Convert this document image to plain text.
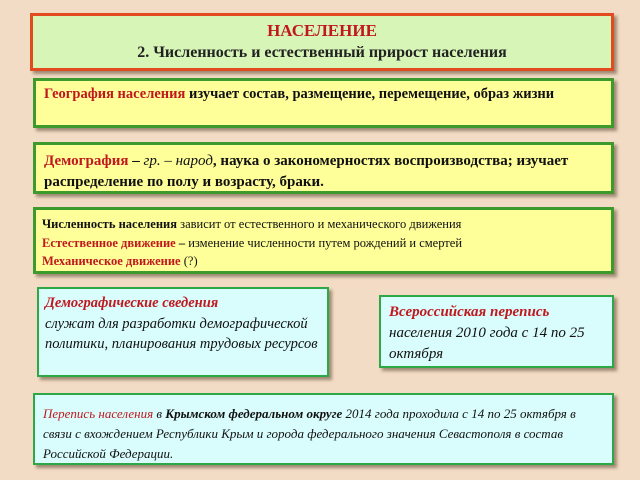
НАСЕЛЕНИЕ
2. Численность и естественный прирост населения
География населения изучает состав, размещение, перемещение, образ жизни
Демография – гр. – народ, наука о закономерностях воспроизводства; изучает распределение по полу и возрасту, браки.
Численность населения зависит от естественного и механического движения
Естественное движение – изменение численности путем рождений и смертей
Механическое движение (?)
Демографические сведения
служат для разработки демографической политики, планирования трудовых ресурсов
Всероссийская перепись
населения 2010 года с 14 по 25 октября
Перепись населения в Крымском федеральном округе 2014 года проходила с 14 по 25 октября в связи с вхождением Республики Крым и города федерального значения Севастополя в состав Российской Федерации.
